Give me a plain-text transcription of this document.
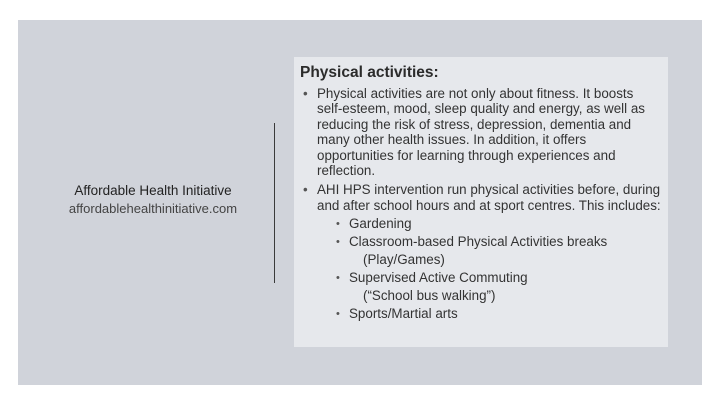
Affordable Health Initiative
affordablehealthinitiative.com
Physical activities:
• Physical activities are not only about fitness. It boosts self-esteem, mood, sleep quality and energy, as well as reducing the risk of stress, depression, dementia and many other health issues. In addition, it offers opportunities for learning through experiences and reflection.
• AHI HPS intervention run physical activities before, during and after school hours and at sport centres. This includes:
• Gardening
• Classroom-based Physical Activities breaks
(Play/Games)
• Supervised Active Commuting
(“School bus walking”)
• Sports/Martial arts
